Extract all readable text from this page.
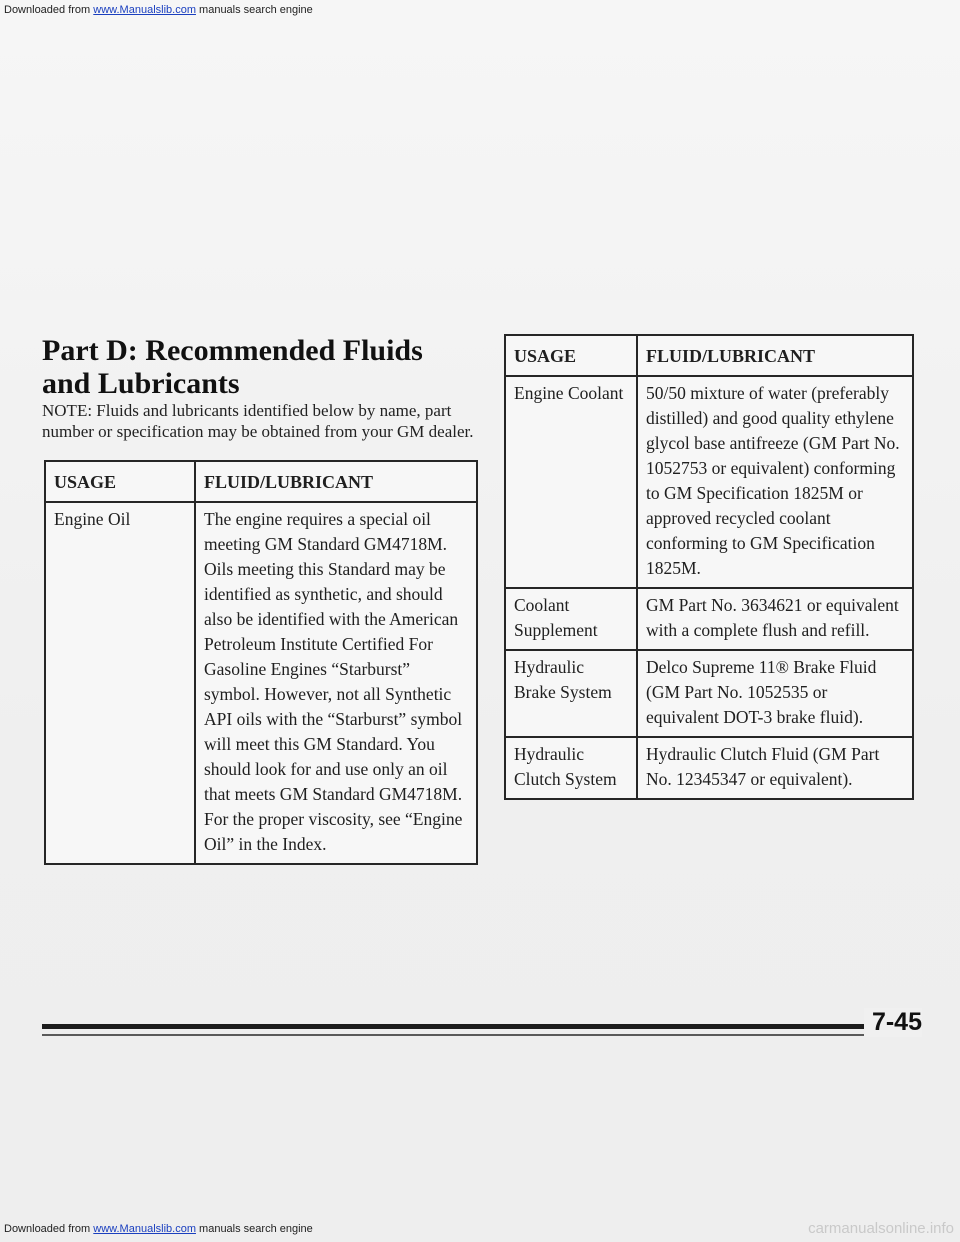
Downloaded from www.Manualslib.com manuals search engine
Part D: Recommended Fluids and Lubricants

NOTE: Fluids and lubricants identified below by name, part number or specification may be obtained from your GM dealer.

USAGE	FLUID/LUBRICANT
Engine Oil	The engine requires a special oil meeting GM Standard GM4718M. Oils meeting this Standard may be identified as synthetic, and should also be identified with the American Petroleum Institute Certified For Gasoline Engines “Starburst” symbol. However, not all Synthetic API oils with the “Starburst” symbol will meet this GM Standard. You should look for and use only an oil that meets GM Standard GM4718M. For the proper viscosity, see “Engine Oil” in the Index.
USAGE	FLUID/LUBRICANT
Engine Coolant	50/50 mixture of water (preferably distilled) and good quality ethylene glycol base antifreeze (GM Part No. 1052753 or equivalent) conforming to GM Specification 1825M or approved recycled coolant conforming to GM Specification 1825M.
Coolant Supplement	GM Part No. 3634621 or equivalent with a complete flush and refill.
Hydraulic Brake System	Delco Supreme 11® Brake Fluid (GM Part No. 1052535 or equivalent DOT-3 brake fluid).
Hydraulic Clutch System	Hydraulic Clutch Fluid (GM Part No. 12345347 or equivalent).
7-45
Downloaded from www.Manualslib.com manuals search engine	carmanualsonline.info
